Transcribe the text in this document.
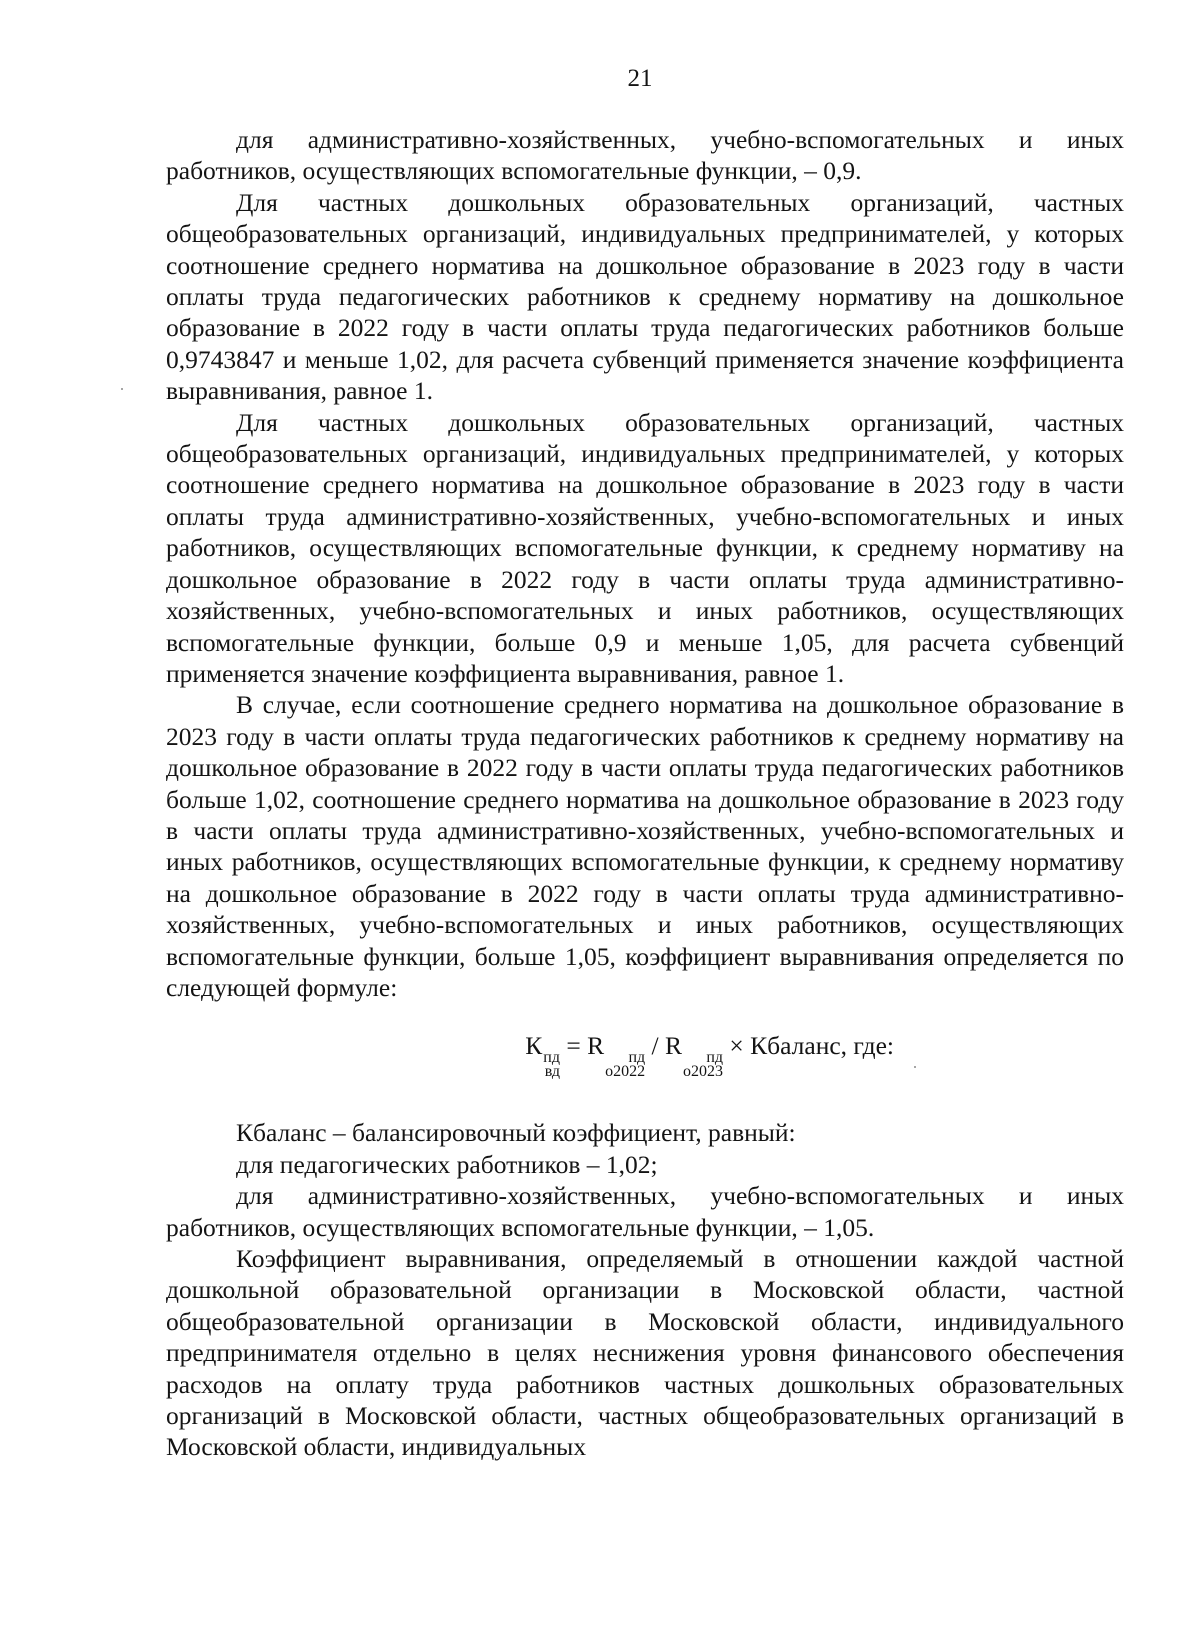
21

для административно-хозяйственных, учебно-вспомогательных и иных работников, осуществляющих вспомогательные функции, – 0,9.

Для частных дошкольных образовательных организаций, частных общеобразовательных организаций, индивидуальных предпринимателей, у которых соотношение среднего норматива на дошкольное образование в 2023 году в части оплаты труда педагогических работников к среднему нормативу на дошкольное образование в 2022 году в части оплаты труда педагогических работников больше 0,9743847 и меньше 1,02, для расчета субвенций применяется значение коэффициента выравнивания, равное 1.

Для частных дошкольных образовательных организаций, частных общеобразовательных организаций, индивидуальных предпринимателей, у которых соотношение среднего норматива на дошкольное образование в 2023 году в части оплаты труда административно-хозяйственных, учебно-вспомогательных и иных работников, осуществляющих вспомогательные функции, к среднему нормативу на дошкольное образование в 2022 году в части оплаты труда административно-хозяйственных, учебно-вспомогательных и иных работников, осуществляющих вспомогательные функции, больше 0,9 и меньше 1,05, для расчета субвенций применяется значение коэффициента выравнивания, равное 1.

В случае, если соотношение среднего норматива на дошкольное образование в 2023 году в части оплаты труда педагогических работников к среднему нормативу на дошкольное образование в 2022 году в части оплаты труда педагогических работников больше 1,02, соотношение среднего норматива на дошкольное образование в 2023 году в части оплаты труда административно-хозяйственных, учебно-вспомогательных и иных работников, осуществляющих вспомогательные функции, к среднему нормативу на дошкольное образование в 2022 году в части оплаты труда административно-хозяйственных, учебно-вспомогательных и иных работников, осуществляющих вспомогательные функции, больше 1,05, коэффициент выравнивания определяется по следующей формуле:

К пд
вд
= R	пд
о2022
/ R	пд
о2023
× Кбаланс, где:

Кбаланс – балансировочный коэффициент, равный:

для педагогических работников – 1,02;

для административно-хозяйственных, учебно-вспомогательных и иных работников, осуществляющих вспомогательные функции, – 1,05.

Коэффициент выравнивания, определяемый в отношении каждой частной дошкольной образовательной организации в Московской области, частной общеобразовательной организации в Московской области, индивидуального предпринимателя отдельно в целях неснижения уровня финансового обеспечения расходов на оплату труда работников частных дошкольных образовательных организаций в Московской области, частных общеобразовательных организаций в Московской области, индивидуальных
